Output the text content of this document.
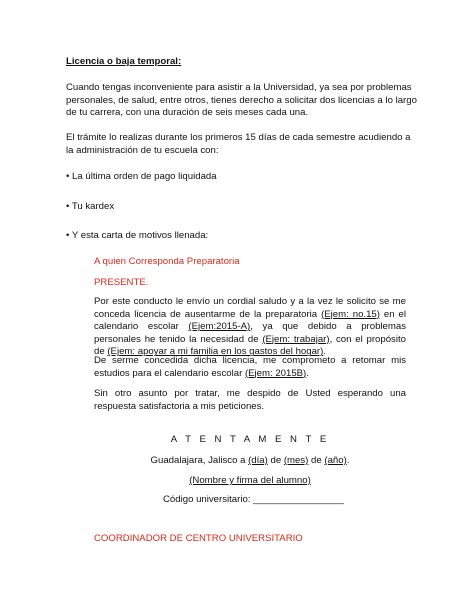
Licencia o baja temporal:

Cuando tengas inconveniente para asistir a la Universidad, ya sea por problemas personales, de salud, entre otros, tienes derecho a solicitar dos licencias a lo largo de tu carrera, con una duración de seis meses cada una.

El trámite lo realizas durante los primeros 15 días de cada semestre acudiendo a la administración de tu escuela con:

• La última orden de pago liquidada

• Tu kardex

• Y esta carta de motivos llenada:

A quien Corresponda Preparatoria

PRESENTE.

Por este conducto le envío un cordial saludo y a la vez le solicito se me conceda licencia de ausentarme de la preparatoria (Ejem: no.15) en el calendario escolar (Ejem:2015-A), ya que debido a problemas personales he tenido la necesidad de (Ejem: trabajar), con el propósito de (Ejem: apoyar a mi familia en los gastos del hogar).

De serme concedida dicha licencia, me comprometo a retomar mis estudios para el calendario escolar (Ejem: 2015B).

Sin otro asunto por tratar, me despido de Usted esperando una respuesta satisfactoria a mis peticiones.

A T E N T A M E N T E

Guadalajara, Jalisco a (día) de (mes) de (año).

(Nombre y firma del alumno)

Código universitario: _________________

COORDINADOR DE CENTRO UNIVERSITARIO
